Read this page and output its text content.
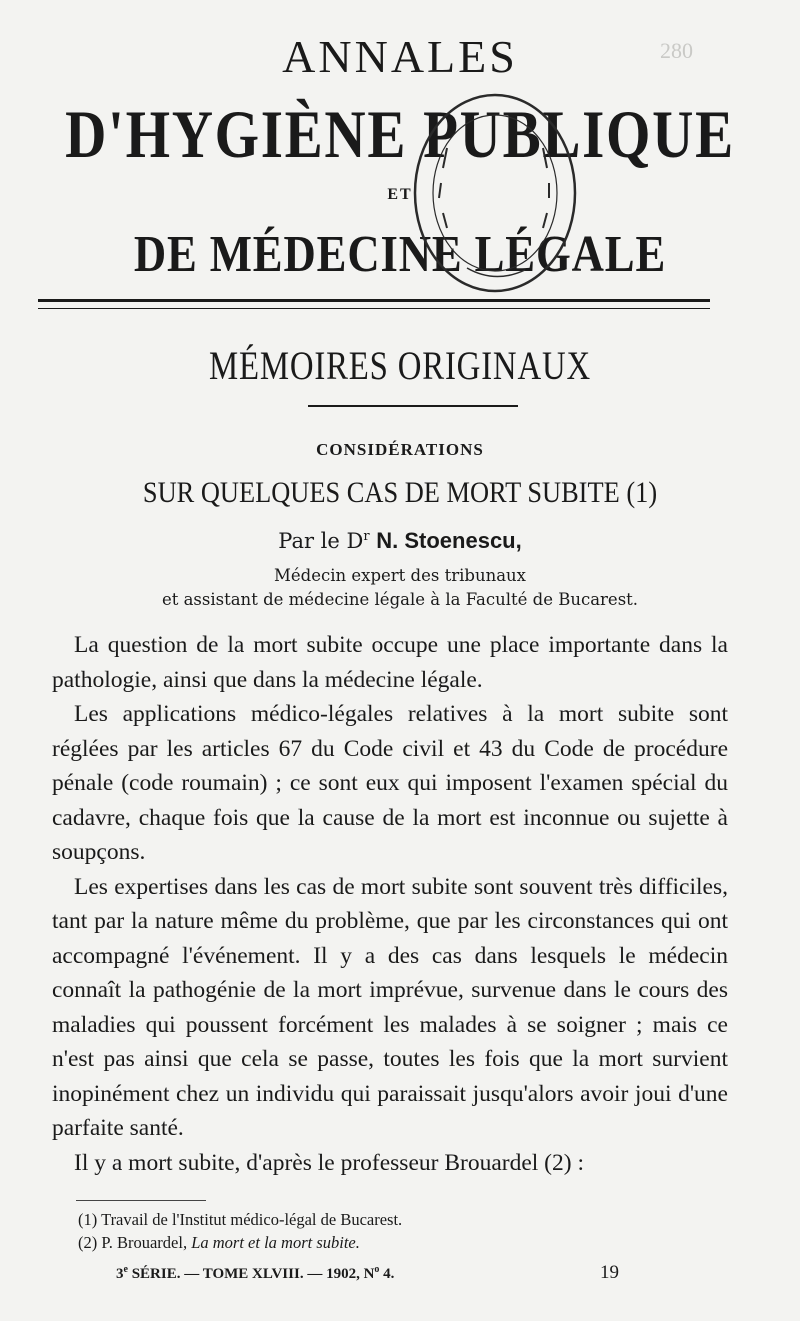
280
ANNALES
D'HYGIÈNE PUBLIQUE
ET
DE MÉDECINE LÉGALE
MÉMOIRES ORIGINAUX
CONSIDÉRATIONS
SUR QUELQUES CAS DE MORT SUBITE (1)
Par le $D^r$ N. Stoenescu,
Médecin expert des tribunaux
et assistant de médecine légale à la Faculté de Bucarest.

La question de la mort subite occupe une place importante dans la pathologie, ainsi que dans la médecine légale.

Les applications médico-légales relatives à la mort subite sont réglées par les articles 67 du Code civil et 43 du Code de procédure pénale (code roumain) ; ce sont eux qui imposent l'examen spécial du cadavre, chaque fois que la cause de la mort est inconnue ou sujette à soupçons.

Les expertises dans les cas de mort subite sont souvent très difficiles, tant par la nature même du problème, que par les circonstances qui ont accompagné l'événement. Il y a des cas dans lesquels le médecin connaît la pathogénie de la mort imprévue, survenue dans le cours des maladies qui poussent forcément les malades à se soigner ; mais ce n'est pas ainsi que cela se passe, toutes les fois que la mort survient inopinément chez un individu qui paraissait jusqu'alors avoir joui d'une parfaite santé.

Il y a mort subite, d'après le professeur Brouardel (2) :

(1) Travail de l'Institut médico-légal de Bucarest.
(2) P. Brouardel, La mort et la mort subite.
3e SÉRIE. — TOME XLVIII. — 1902, $N^o$ 4.	19
